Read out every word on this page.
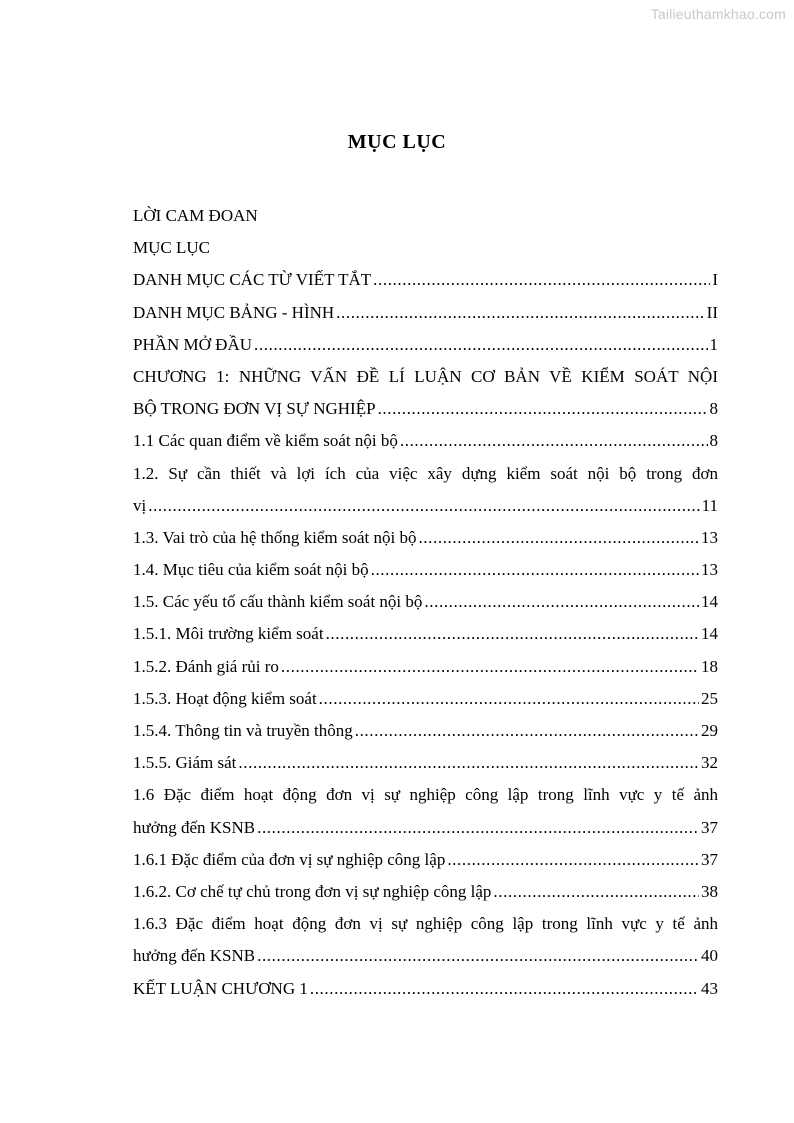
Tailieuthamkhao.com
MỤC LỤC
LỜI CAM ĐOAN
MỤC LỤC
DANH MỤC CÁC TỪ VIẾT TẮT .....	I
DANH MỤC BẢNG - HÌNH .....	II
PHẦN MỞ ĐẦU .....	1
CHƯƠNG 1: NHỮNG VẤN ĐỀ LÍ LUẬN CƠ BẢN VỀ KIỂM SOÁT NỘI
BỘ TRONG ĐƠN VỊ SỰ NGHIỆP .....	8
1.1 Các quan điểm về kiểm soát nội bộ .....	8
1.2. Sự cần thiết và lợi ích của việc xây dựng kiểm soát nội bộ trong đơn
vị .....	11
1.3. Vai trò của hệ thống kiểm soát nội bộ .....	13
1.4. Mục tiêu của kiểm soát nội bộ .....	13
1.5. Các yếu tố cấu thành kiểm soát nội bộ .....	14
1.5.1. Môi trường kiểm soát .....	14
1.5.2. Đánh giá rủi ro .....	18
1.5.3. Hoạt động kiểm soát .....	25
1.5.4. Thông tin và truyền thông .....	29
1.5.5. Giám sát .....	32
1.6 Đặc điểm hoạt động đơn vị sự nghiệp công lập trong lĩnh vực y tế ảnh
hưởng đến KSNB .....	37
1.6.1 Đặc điểm của đơn vị sự nghiệp công lập .....	37
1.6.2. Cơ chế tự chủ trong đơn vị sự nghiệp công lập .....	38
1.6.3 Đặc điểm hoạt động đơn vị sự nghiệp công lập trong lĩnh vực y tế ảnh
hưởng đến KSNB .....	40
KẾT LUẬN CHƯƠNG 1 .....	43
